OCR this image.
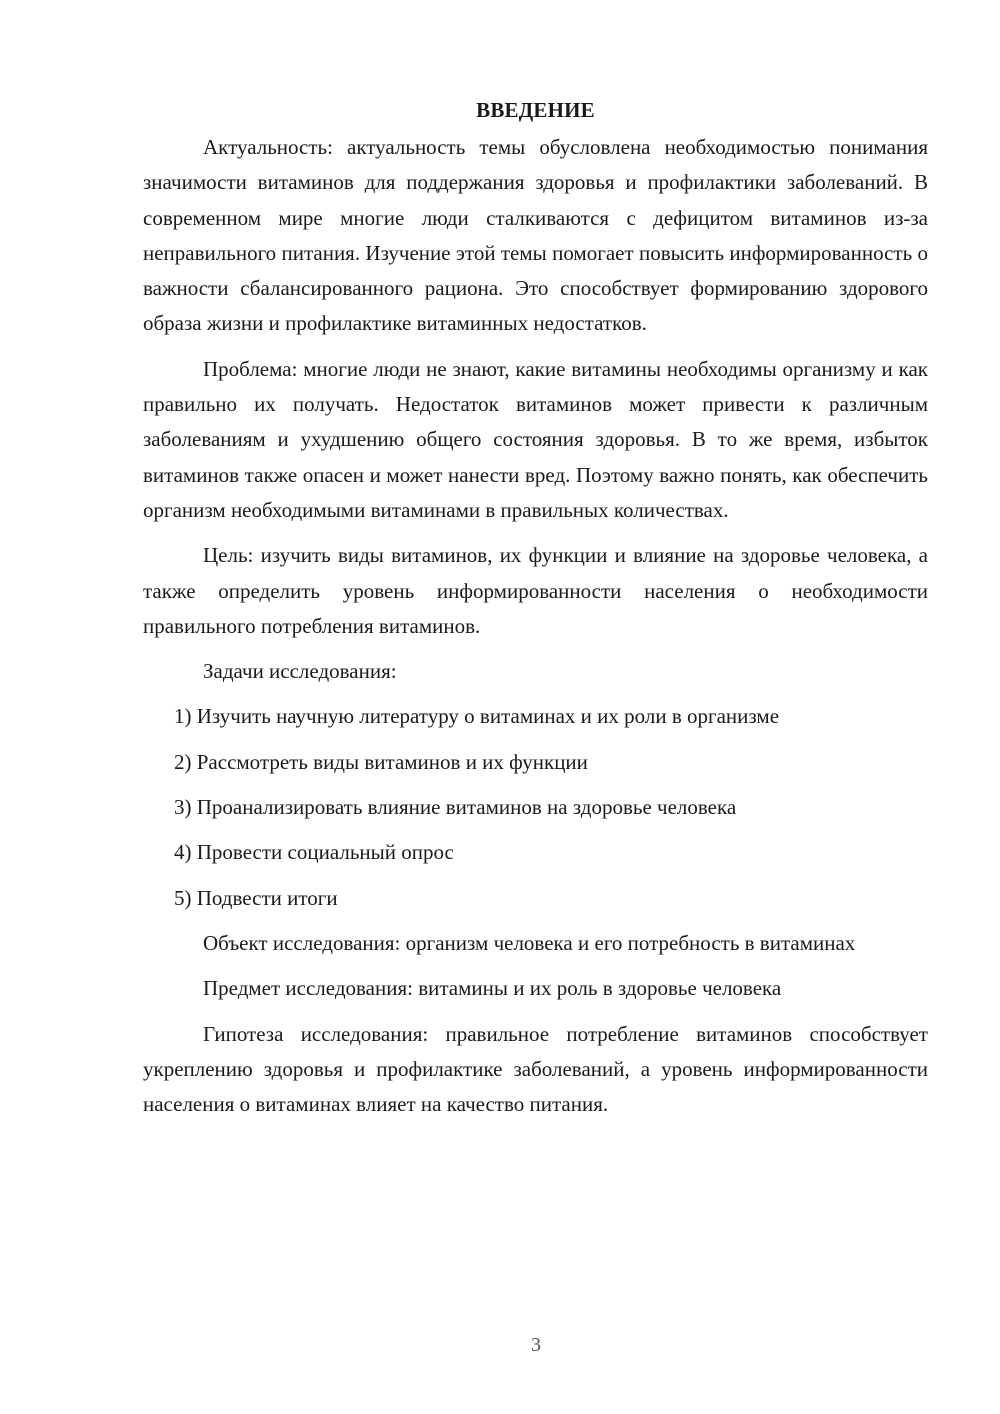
ВВЕДЕНИЕ

Актуальность: актуальность темы обусловлена необходимостью понимания значимости витаминов для поддержания здоровья и профилактики заболеваний. В современном мире многие люди сталкиваются с дефицитом витаминов из-за неправильного питания. Изучение этой темы помогает повысить информированность о важности сбалансированного рациона. Это способствует формированию здорового образа жизни и профилактике витаминных недостатков.

Проблема: многие люди не знают, какие витамины необходимы организму и как правильно их получать. Недостаток витаминов может привести к различным заболеваниям и ухудшению общего состояния здоровья. В то же время, избыток витаминов также опасен и может нанести вред. Поэтому важно понять, как обеспечить организм необходимыми витаминами в правильных количествах.

Цель: изучить виды витаминов, их функции и влияние на здоровье человека, а также определить уровень информированности населения о необходимости правильного потребления витаминов.

Задачи исследования:

1) Изучить научную литературу о витаминах и их роли в организме
2) Рассмотреть виды витаминов и их функции
3) Проанализировать влияние витаминов на здоровье человека
4) Провести социальный опрос
5) Подвести итоги

Объект исследования: организм человека и его потребность в витаминах

Предмет исследования: витамины и их роль в здоровье человека

Гипотеза исследования: правильное потребление витаминов способствует укреплению здоровья и профилактике заболеваний, а уровень информированности населения о витаминах влияет на качество питания.

3
